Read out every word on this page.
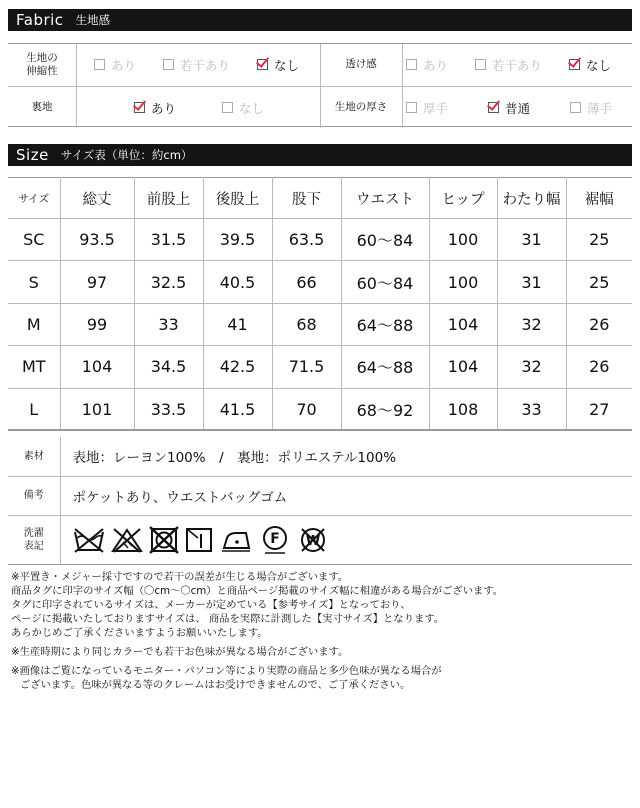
Fabric 生地感
生地の
伸縮性	あり	若干あり	なし	透け感	あり	若干あり	なし
裏地	あり	なし	生地の厚さ	厚手	普通	薄手
Size サイズ表（単位：約cm）
サイズ	総丈	前股上	後股上	股下	ウエスト	ヒップ	わたり幅	裾幅
SC	93.5	31.5	39.5	63.5	60～84	100	31	25
S	97	32.5	40.5	66	60～84	100	31	25
M	99	33	41	68	64～88	104	32	26
MT	104	34.5	42.5	71.5	64～88	104	32	26
L	101	33.5	41.5	70	68～92	108	33	27
素材	表地：レーヨン100%　/　裏地：ポリエステル100%
備考	ポケットあり、ウエストバッグゴム
洗濯
表記	F W

※平置き・メジャー採寸ですので若干の誤差が生じる場合がございます。

商品タグに印字のサイズ幅（〇cm～〇cm）と商品ページ掲載のサイズ幅に相違がある場合がございます。

タグに印字されているサイズは、メーカーが定めている【参考サイズ】となっており、

ページに掲載いたしておりますサイズは、 商品を実際に計測した【実寸サイズ】となります。

あらかじめご了承くださいますようお願いいたします。

※生産時期により同じカラーでも若干お色味が異なる場合がございます。

※画像はご覧になっているモニター・パソコン等により実際の商品と多少色味が異なる場合が

ございます。色味が異なる等のクレームはお受けできませんので、ご了承ください。
